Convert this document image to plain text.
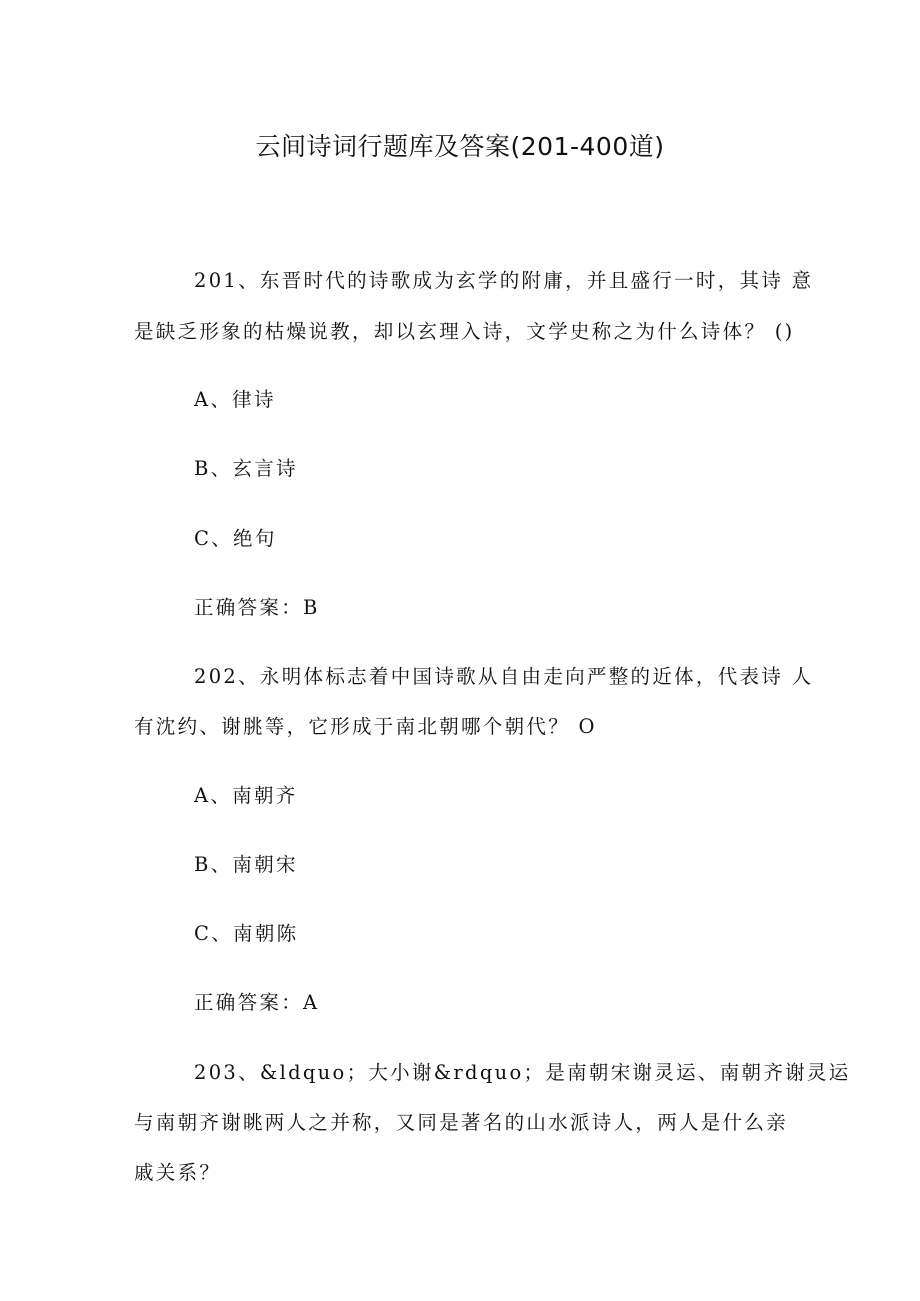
云间诗词行题库及答案(201-400道)
201、东晋时代的诗歌成为玄学的附庸，并且盛行一时，其诗 意
是缺乏形象的枯燥说教，却以玄理入诗，文学史称之为什么诗体？ ()
A、律诗
B、玄言诗
C、绝句
正确答案：B
202、永明体标志着中国诗歌从自由走向严整的近体，代表诗 人
有沈约、谢朓等，它形成于南北朝哪个朝代？ O
A、南朝齐
B、南朝宋
C、南朝陈
正确答案：A
203、&ldquo；大小谢&rdquo；是南朝宋谢灵运、南朝齐谢灵运
与南朝齐谢眺两人之并称，又同是著名的山水派诗人，两人是什么亲
戚关系？
